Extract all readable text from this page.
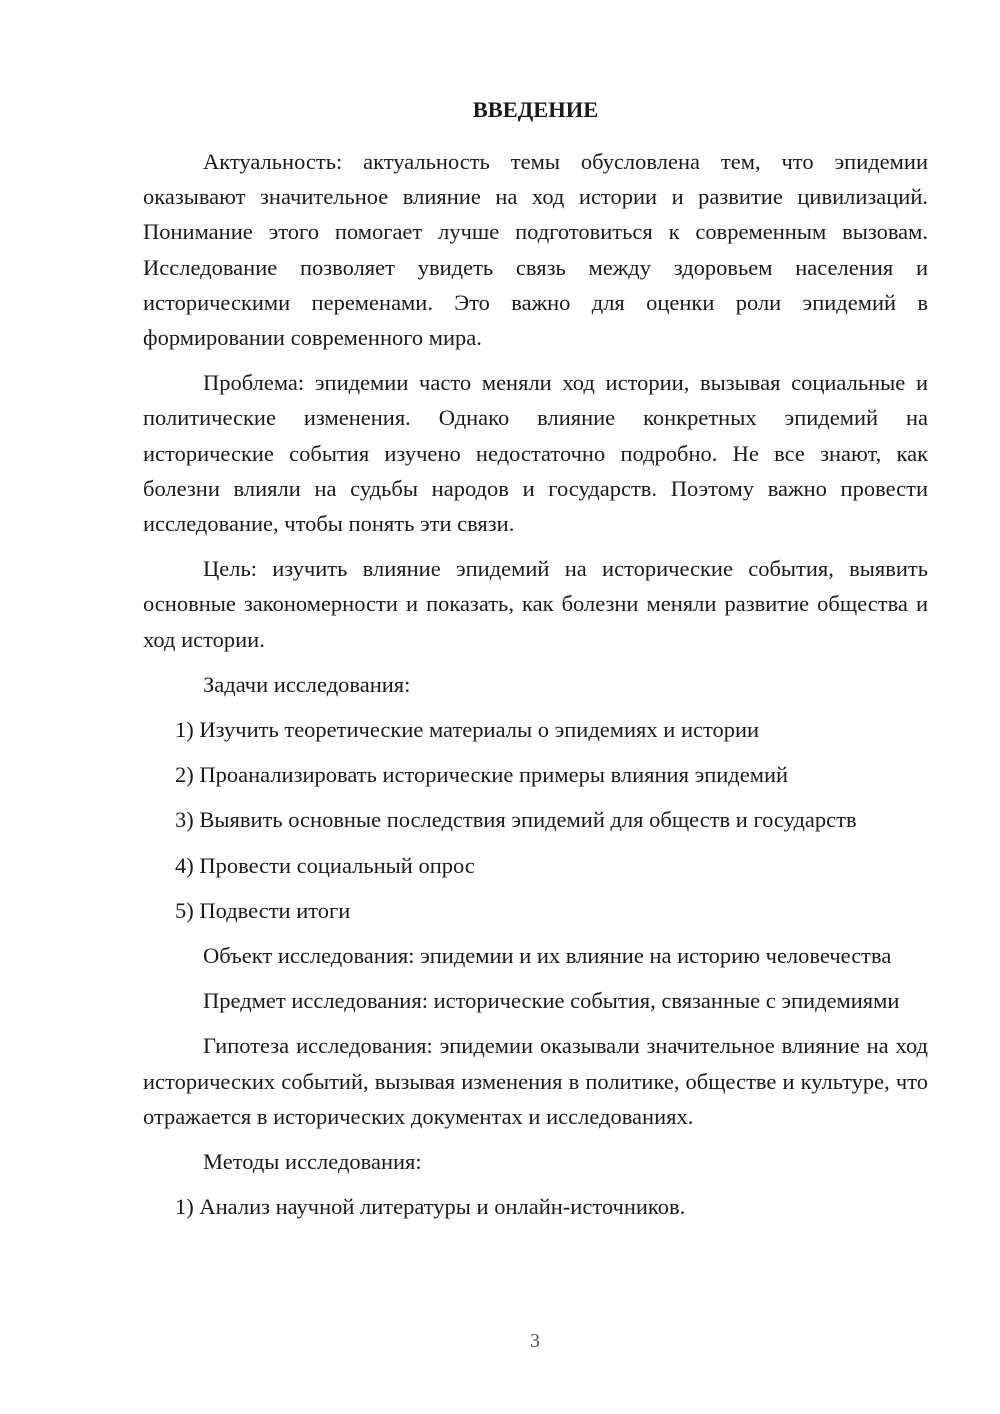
ВВЕДЕНИЕ

Актуальность: актуальность темы обусловлена тем, что эпидемии оказывают значительное влияние на ход истории и развитие цивилизаций. Понимание этого помогает лучше подготовиться к современным вызовам. Исследование позволяет увидеть связь между здоровьем населения и историческими переменами. Это важно для оценки роли эпидемий в формировании современного мира.

Проблема: эпидемии часто меняли ход истории, вызывая социальные и политические изменения. Однако влияние конкретных эпидемий на исторические события изучено недостаточно подробно. Не все знают, как болезни влияли на судьбы народов и государств. Поэтому важно провести исследование, чтобы понять эти связи.

Цель: изучить влияние эпидемий на исторические события, выявить основные закономерности и показать, как болезни меняли развитие общества и ход истории.

Задачи исследования:

1) Изучить теоретические материалы о эпидемиях и истории

2) Проанализировать исторические примеры влияния эпидемий

3) Выявить основные последствия эпидемий для обществ и государств

4) Провести социальный опрос

5) Подвести итоги

Объект исследования: эпидемии и их влияние на историю человечества

Предмет исследования: исторические события, связанные с эпидемиями

Гипотеза исследования: эпидемии оказывали значительное влияние на ход исторических событий, вызывая изменения в политике, обществе и культуре, что отражается в исторических документах и исследованиях.

Методы исследования:

1) Анализ научной литературы и онлайн-источников.

3
